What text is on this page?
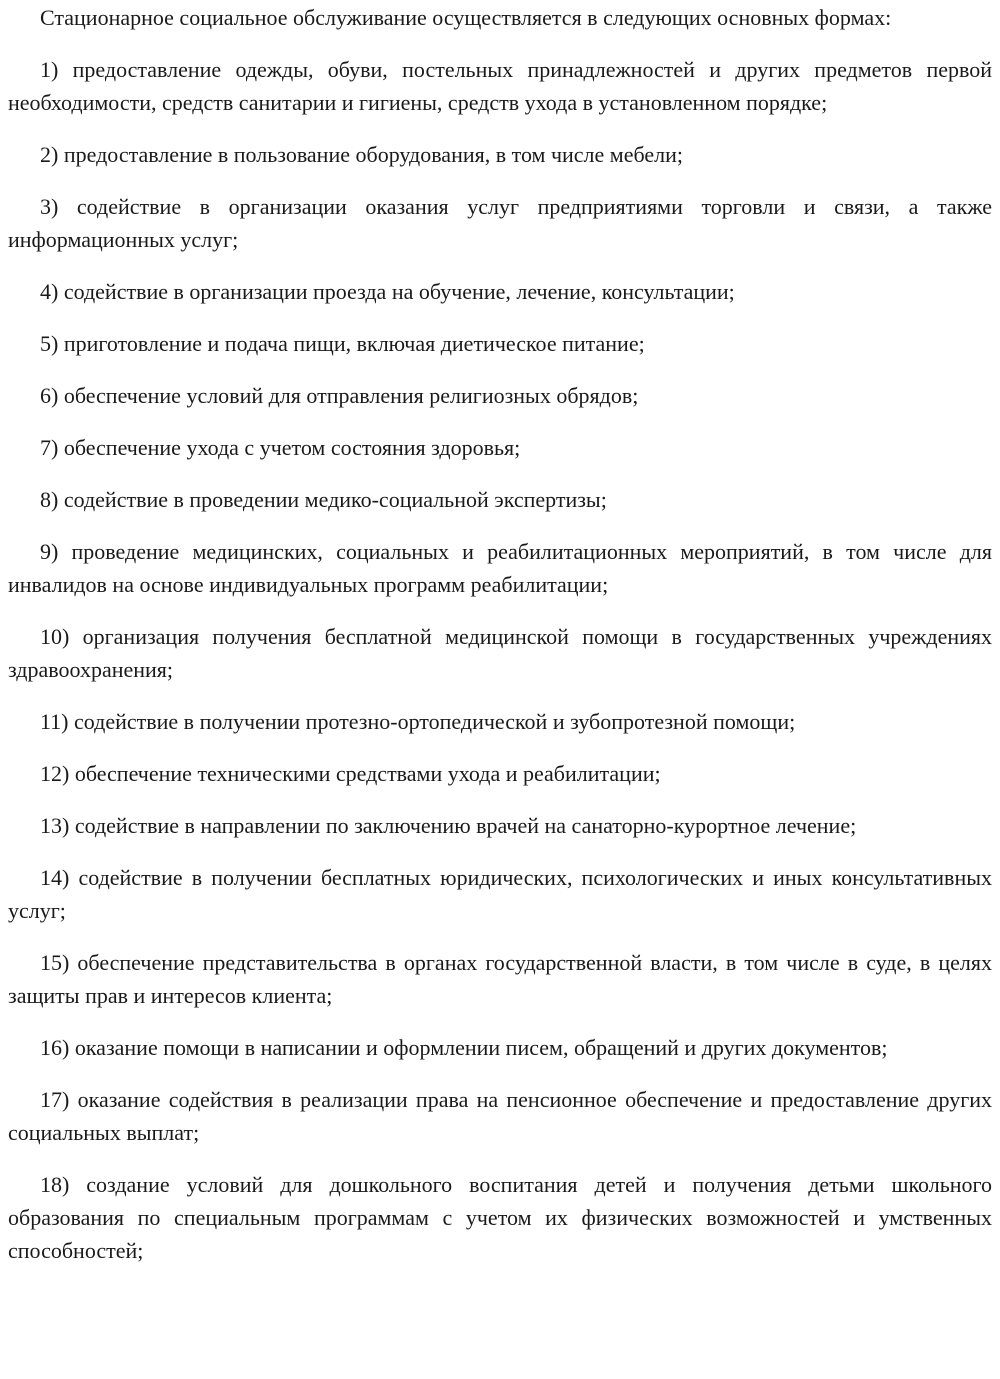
Стационарное социальное обслуживание осуществляется в следующих основных формах:

1) предоставление одежды, обуви, постельных принадлежностей и других предметов первой необходимости, средств санитарии и гигиены, средств ухода в установленном порядке;

2) предоставление в пользование оборудования, в том числе мебели;

3) содействие в организации оказания услуг предприятиями торговли и связи, а также информационных услуг;

4) содействие в организации проезда на обучение, лечение, консультации;

5) приготовление и подача пищи, включая диетическое питание;

6) обеспечение условий для отправления религиозных обрядов;

7) обеспечение ухода с учетом состояния здоровья;

8) содействие в проведении медико-социальной экспертизы;

9) проведение медицинских, социальных и реабилитационных мероприятий, в том числе для инвалидов на основе индивидуальных программ реабилитации;

10) организация получения бесплатной медицинской помощи в государственных учреждениях здравоохранения;

11) содействие в получении протезно-ортопедической и зубопротезной помощи;

12) обеспечение техническими средствами ухода и реабилитации;

13) содействие в направлении по заключению врачей на санаторно-курортное лечение;

14) содействие в получении бесплатных юридических, психологических и иных консультативных услуг;

15) обеспечение представительства в органах государственной власти, в том числе в суде, в целях защиты прав и интересов клиента;

16) оказание помощи в написании и оформлении писем, обращений и других документов;

17) оказание содействия в реализации права на пенсионное обеспечение и предоставление других социальных выплат;

18) создание условий для дошкольного воспитания детей и получения детьми школьного образования по специальным программам с учетом их физических возможностей и умственных способностей;
